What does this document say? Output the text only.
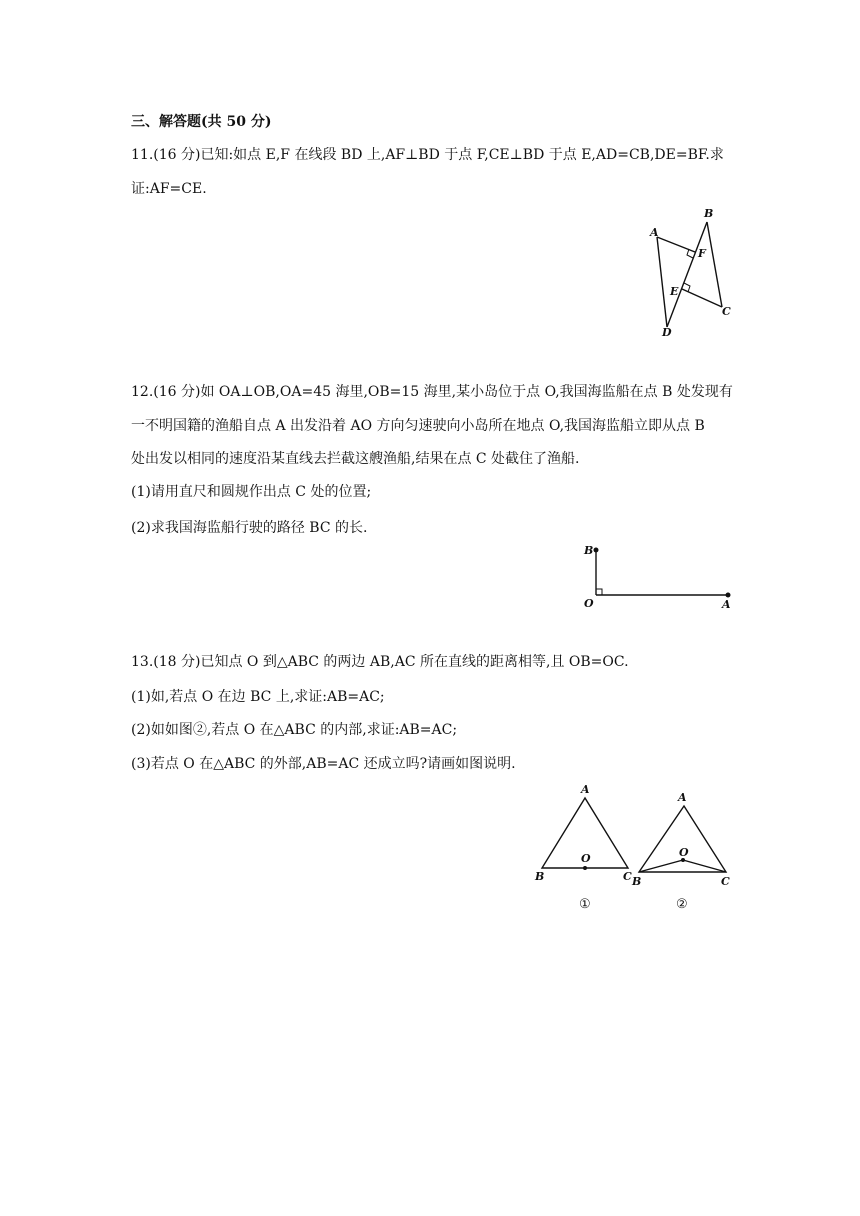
三、解答题(共 50 分)
11.(16 分)已知:如点 E,F 在线段 BD 上,AF⊥BD 于点 F,CE⊥BD 于点 E,AD=CB,DE=BF.求
证:AF=CE.
A
B
F
E
C
D
12.(16 分)如 OA⊥OB,OA=45 海里,OB=15 海里,某小岛位于点 O,我国海监船在点 B 处发现有
一不明国籍的渔船自点 A 出发沿着 AO 方向匀速驶向小岛所在地点 O,我国海监船立即从点 B
处出发以相同的速度沿某直线去拦截这艘渔船,结果在点 C 处截住了渔船.
(1)请用直尺和圆规作出点 C 处的位置;
(2)求我国海监船行驶的路径 BC 的长.
B
O	A
13.(18 分)已知点 O 到△ABC 的两边 AB,AC 所在直线的距离相等,且 OB=OC.
(1)如,若点 O 在边 BC 上,求证:AB=AC;
(2)如如图②,若点 O 在△ABC 的内部,求证:AB=AC;
(3)若点 O 在△ABC 的外部,AB=AC 还成立吗?请画如图说明.
A
O
B	C
①
A
O
B	C
②
